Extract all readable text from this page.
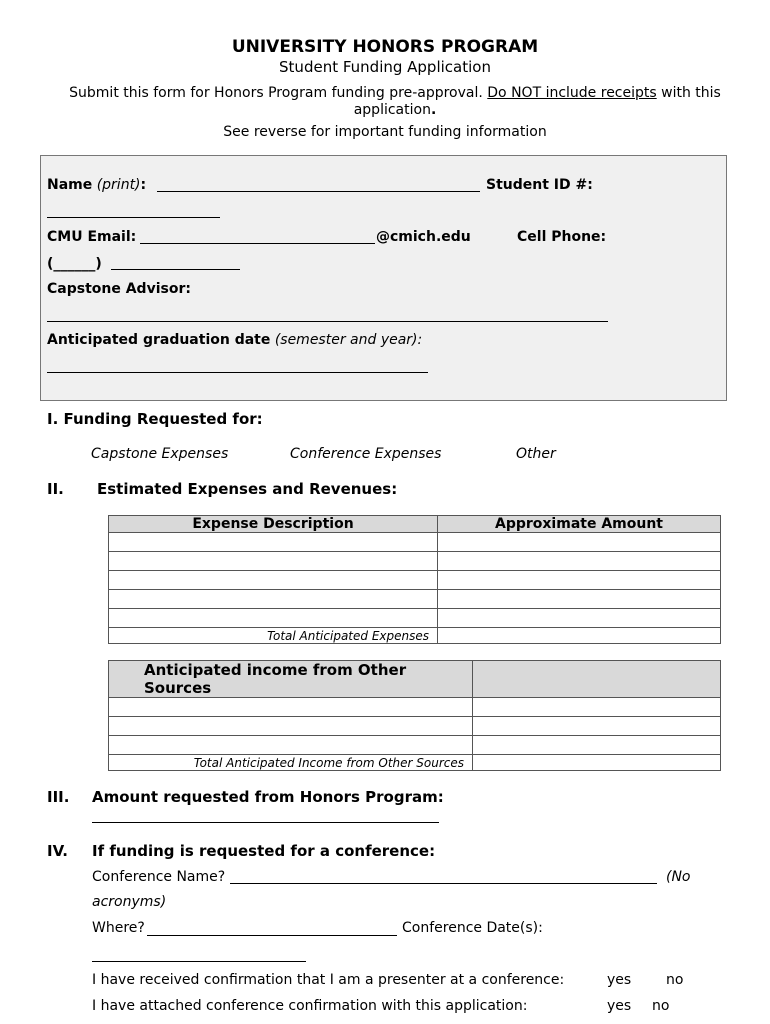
UNIVERSITY HONORS PROGRAM
Student Funding Application
Submit this form for Honors Program funding pre-approval. Do NOT include receipts with this application.
See reverse for important funding information
Name (print):	Student ID #:
CMU Email:	@cmich.edu	Cell Phone:
(______)
Capstone Advisor:
Anticipated graduation date (semester and year):
I. Funding Requested for:
Capstone Expenses	Conference Expenses	Other
II. Estimated Expenses and Revenues:
Expense Description	Approximate Amount

Total Anticipated Expenses	
Anticipated income from Other Sources	

Total Anticipated Income from Other Sources	
III. Amount requested from Honors Program:
IV. If funding is requested for a conference:
Conference Name?	(No
acronyms)
Where?	Conference Date(s):
I have received confirmation that I am a presenter at a conference:	yes no
I have attached conference confirmation with this application:	yes no
